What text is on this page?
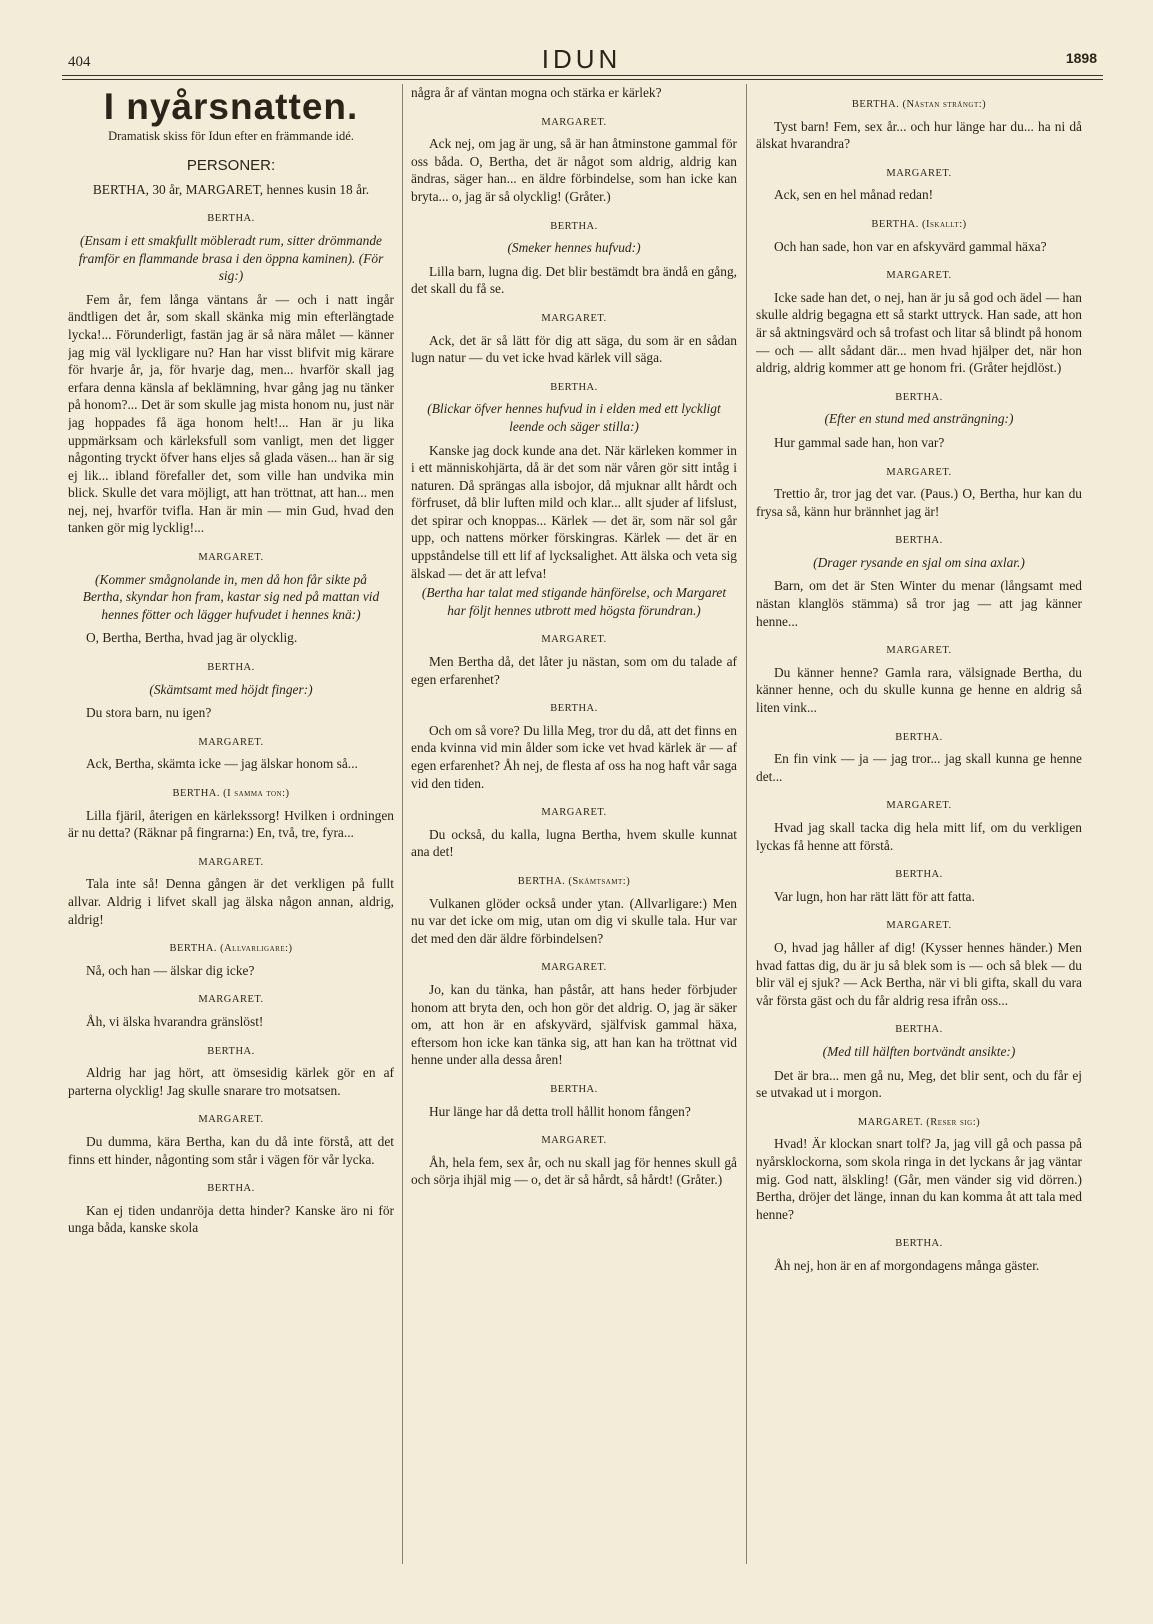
404	IDUN	1898
I nyårsnatten.
Dramatisk skiss för Idun efter en främmande idé.
PERSONER:
BERTHA, 30 år, MARGARET, hennes kusin 18 år.
BERTHA.
(Ensam i ett smakfullt möbleradt rum, sitter drömmande framför en flammande brasa i den öppna kaminen). (För sig:)
Fem år, fem långa väntans år — och i natt ingår ändtligen det år, som skall skänka mig min efterlängtade lycka!... Förunderligt, fastän jag är så nära målet — känner jag mig väl lyckligare nu? Han har visst blifvit mig kärare för hvarje år, ja, för hvarje dag, men... hvarför skall jag erfara denna känsla af beklämning, hvar gång jag nu tänker på honom?... Det är som skulle jag mista honom nu, just när jag hoppades få äga honom helt!... Han är ju lika uppmärksam och kärleksfull som vanligt, men det ligger någonting tryckt öfver hans eljes så glada väsen... han är sig ej lik... ibland förefaller det, som ville han undvika min blick. Skulle det vara möjligt, att han tröttnat, att han... men nej, nej, hvarför tvifla. Han är min — min Gud, hvad den tanken gör mig lycklig!...
MARGARET.
(Kommer smågnolande in, men då hon får sikte på Bertha, skyndar hon fram, kastar sig ned på mattan vid hennes fötter och lägger hufvudet i hennes knä:)
O, Bertha, Bertha, hvad jag är olycklig.
BERTHA.
(Skämtsamt med höjdt finger:)
Du stora barn, nu igen?
MARGARET.
Ack, Bertha, skämta icke — jag älskar honom så...
BERTHA. (I samma ton:)
Lilla fjäril, återigen en kärlekssorg! Hvilken i ordningen är nu detta? (Räknar på fingrarna:) En, två, tre, fyra...
MARGARET.
Tala inte så! Denna gången är det verkligen på fullt allvar. Aldrig i lifvet skall jag älska någon annan, aldrig, aldrig!
BERTHA. (Allvarligare:)
Nå, och han — älskar dig icke?
MARGARET.
Åh, vi älska hvarandra gränslöst!
BERTHA.
Aldrig har jag hört, att ömsesidig kärlek gör en af parterna olycklig! Jag skulle snarare tro motsatsen.
MARGARET.
Du dumma, kära Bertha, kan du då inte förstå, att det finns ett hinder, någonting som står i vägen för vår lycka.
BERTHA.
Kan ej tiden undanröja detta hinder? Kanske äro ni för unga båda, kanske skola
några år af väntan mogna och stärka er kärlek?
MARGARET.
Ack nej, om jag är ung, så är han åtminstone gammal för oss båda. O, Bertha, det är något som aldrig, aldrig kan ändras, säger han... en äldre förbindelse, som han icke kan bryta... o, jag är så olycklig! (Gråter.)
BERTHA.
(Smeker hennes hufvud:)
Lilla barn, lugna dig. Det blir bestämdt bra ändå en gång, det skall du få se.
MARGARET.
Ack, det är så lätt för dig att säga, du som är en sådan lugn natur — du vet icke hvad kärlek vill säga.
BERTHA.
(Blickar öfver hennes hufvud in i elden med ett lyckligt leende och säger stilla:)
Kanske jag dock kunde ana det. När kärleken kommer in i ett människohjärta, då är det som när våren gör sitt intåg i naturen. Då sprängas alla isbojor, då mjuknar allt hårdt och förfruset, då blir luften mild och klar... allt sjuder af lifslust, det spirar och knoppas... Kärlek — det är, som när sol går upp, och nattens mörker förskingras. Kärlek — det är en uppståndelse till ett lif af lycksalighet. Att älska och veta sig älskad — det är att lefva!
(Bertha har talat med stigande hänförelse, och Margaret har följt hennes utbrott med högsta förundran.)
MARGARET.
Men Bertha då, det låter ju nästan, som om du talade af egen erfarenhet?
BERTHA.
Och om så vore? Du lilla Meg, tror du då, att det finns en enda kvinna vid min ålder som icke vet hvad kärlek är — af egen erfarenhet? Åh nej, de flesta af oss ha nog haft vår saga vid den tiden.
MARGARET.
Du också, du kalla, lugna Bertha, hvem skulle kunnat ana det!
BERTHA. (Skämtsamt:)
Vulkanen glöder också under ytan. (Allvarligare:) Men nu var det icke om mig, utan om dig vi skulle tala. Hur var det med den där äldre förbindelsen?
MARGARET.
Jo, kan du tänka, han påstår, att hans heder förbjuder honom att bryta den, och hon gör det aldrig. O, jag är säker om, att hon är en afskyvärd, själfvisk gammal häxa, eftersom hon icke kan tänka sig, att han kan ha tröttnat vid henne under alla dessa åren!
BERTHA.
Hur länge har då detta troll hållit honom fången?
MARGARET.
Åh, hela fem, sex år, och nu skall jag för hennes skull gå och sörja ihjäl mig — o, det är så hårdt, så hårdt! (Gråter.)
BERTHA. (Nästan strängt:)
Tyst barn! Fem, sex år... och hur länge har du... ha ni då älskat hvarandra?
MARGARET.
Ack, sen en hel månad redan!
BERTHA. (Iskallt:)
Och han sade, hon var en afskyvärd gammal häxa?
MARGARET.
Icke sade han det, o nej, han är ju så god och ädel — han skulle aldrig begagna ett så starkt uttryck. Han sade, att hon är så aktningsvärd och så trofast och litar så blindt på honom — och — allt sådant där... men hvad hjälper det, när hon aldrig, aldrig kommer att ge honom fri. (Gråter hejdlöst.)
BERTHA.
(Efter en stund med ansträngning:)
Hur gammal sade han, hon var?
MARGARET.
Trettio år, tror jag det var. (Paus.) O, Bertha, hur kan du frysa så, känn hur brännhet jag är!
BERTHA.
(Drager rysande en sjal om sina axlar.)
Barn, om det är Sten Winter du menar (långsamt med nästan klanglös stämma) så tror jag — att jag känner henne...
MARGARET.
Du känner henne? Gamla rara, välsignade Bertha, du känner henne, och du skulle kunna ge henne en aldrig så liten vink...
BERTHA.
En fin vink — ja — jag tror... jag skall kunna ge henne det...
MARGARET.
Hvad jag skall tacka dig hela mitt lif, om du verkligen lyckas få henne att förstå.
BERTHA.
Var lugn, hon har rätt lätt för att fatta.
MARGARET.
O, hvad jag håller af dig! (Kysser hennes händer.) Men hvad fattas dig, du är ju så blek som is — och så blek — du blir väl ej sjuk? — Ack Bertha, när vi bli gifta, skall du vara vår första gäst och du får aldrig resa ifrån oss...
BERTHA.
(Med till hälften bortvändt ansikte:)
Det är bra... men gå nu, Meg, det blir sent, och du får ej se utvakad ut i morgon.
MARGARET. (Reser sig:)
Hvad! Är klockan snart tolf? Ja, jag vill gå och passa på nyårsklockorna, som skola ringa in det lyckans år jag väntar mig. God natt, älskling! (Går, men vänder sig vid dörren.) Bertha, dröjer det länge, innan du kan komma åt att tala med henne?
BERTHA.
Åh nej, hon är en af morgondagens många gäster.
